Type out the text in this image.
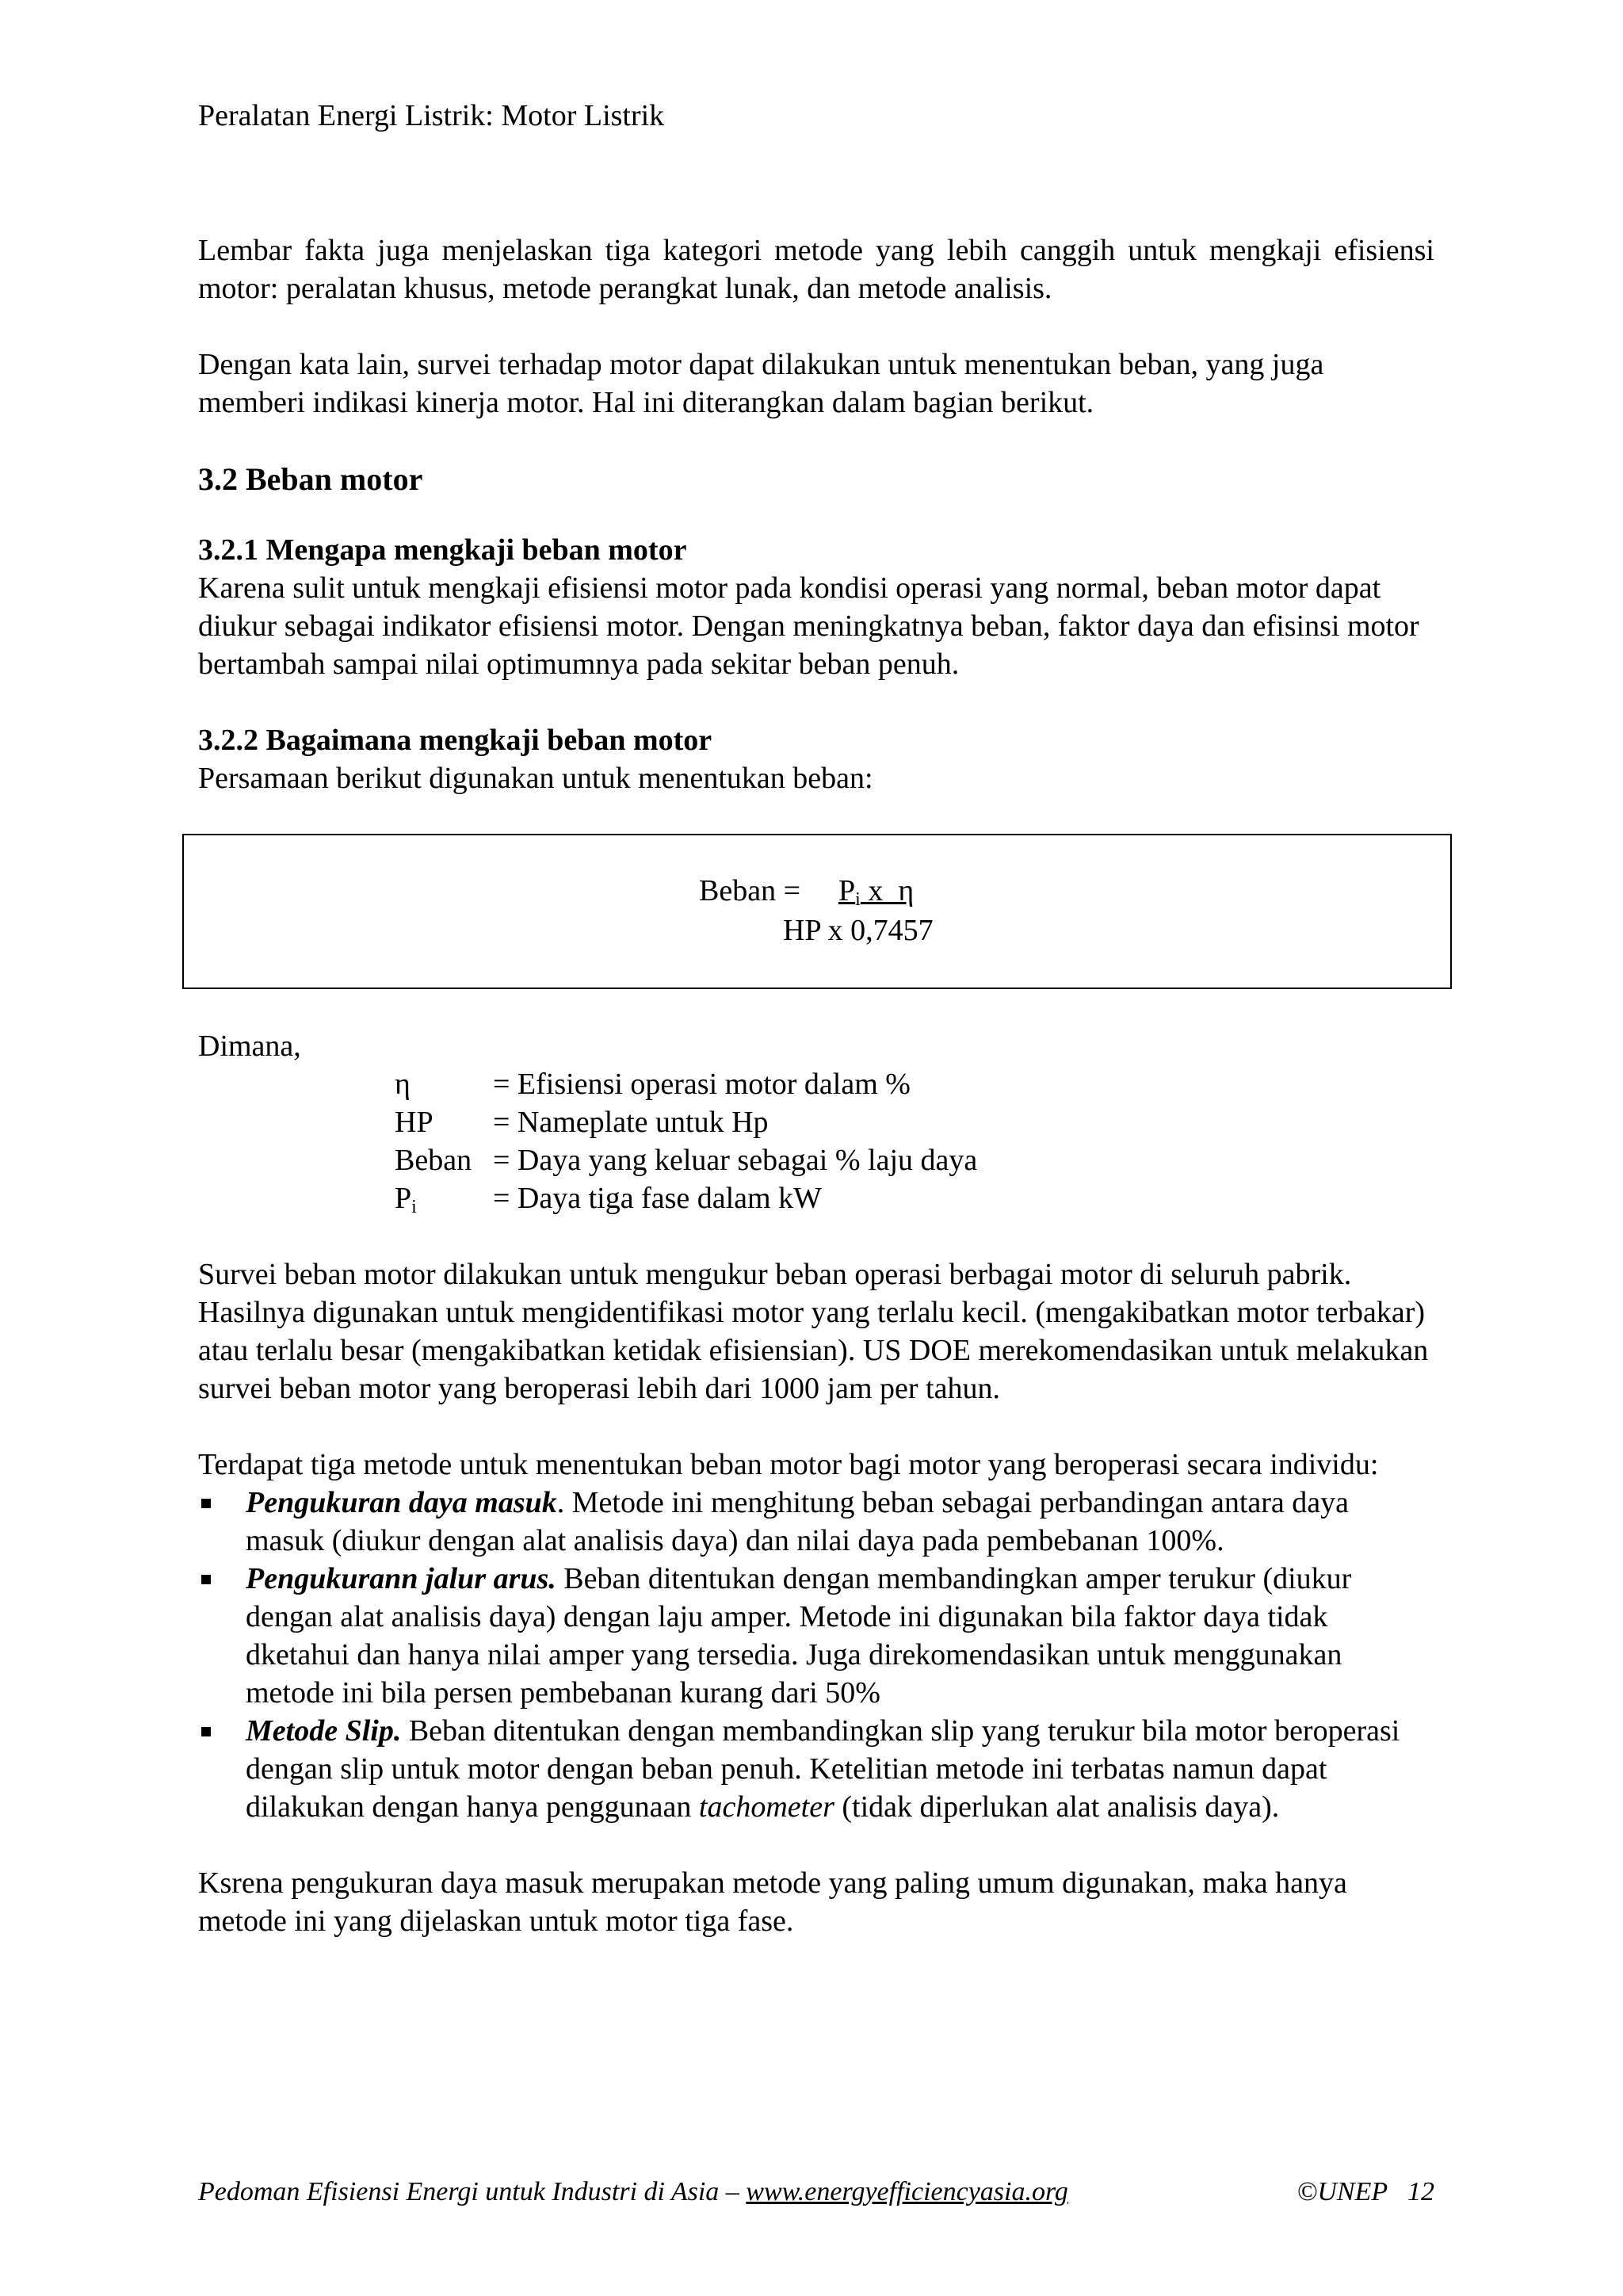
Peralatan Energi Listrik: Motor Listrik

Lembar fakta juga menjelaskan tiga kategori metode yang lebih canggih untuk mengkaji efisiensi motor: peralatan khusus, metode perangkat lunak, dan metode analisis.

Dengan kata lain, survei terhadap motor dapat dilakukan untuk menentukan beban, yang juga memberi indikasi kinerja motor. Hal ini diterangkan dalam bagian berikut.

3.2 Beban motor
3.2.1 Mengapa mengkaji beban motor

Karena sulit untuk mengkaji efisiensi motor pada kondisi operasi yang normal, beban motor dapat diukur sebagai indikator efisiensi motor. Dengan meningkatnya beban, faktor daya dan efisinsi motor bertambah sampai nilai optimumnya pada sekitar beban penuh.

3.2.2 Bagaimana mengkaji beban motor

Persamaan berikut digunakan untuk menentukan beban:

Beban = $P_i$ x  η
HP x 0,7457

Dimana,

η	= Efisiensi operasi motor dalam %
HP	= Nameplate untuk Hp
Beban = Daya yang keluar sebagai % laju daya
$P_i$	= Daya tiga fase dalam kW

Survei beban motor dilakukan untuk mengukur beban operasi berbagai motor di seluruh pabrik. Hasilnya digunakan untuk mengidentifikasi motor yang terlalu kecil. (mengakibatkan motor terbakar) atau terlalu besar (mengakibatkan ketidak efisiensian). US DOE merekomendasikan untuk melakukan survei beban motor yang beroperasi lebih dari 1000 jam per tahun.

Terdapat tiga metode untuk menentukan beban motor bagi motor yang beroperasi secara individu:

Pengukuran daya masuk. Metode ini menghitung beban sebagai perbandingan antara daya masuk (diukur dengan alat analisis daya) dan nilai daya pada pembebanan 100%.
Pengukurann jalur arus. Beban ditentukan dengan membandingkan amper terukur (diukur dengan alat analisis daya) dengan laju amper. Metode ini digunakan bila faktor daya tidak dketahui dan hanya nilai amper yang tersedia. Juga direkomendasikan untuk menggunakan metode ini bila persen pembebanan kurang dari 50%
Metode Slip. Beban ditentukan dengan membandingkan slip yang terukur bila motor beroperasi dengan slip untuk motor dengan beban penuh. Ketelitian metode ini terbatas namun dapat dilakukan dengan hanya penggunaan tachometer (tidak diperlukan alat analisis daya).

Ksrena pengukuran daya masuk merupakan metode yang paling umum digunakan, maka hanya metode ini yang dijelaskan untuk motor tiga fase.

Pedoman Efisiensi Energi untuk Industri di Asia – www.energyefficiencyasia.org	©UNEP   12
